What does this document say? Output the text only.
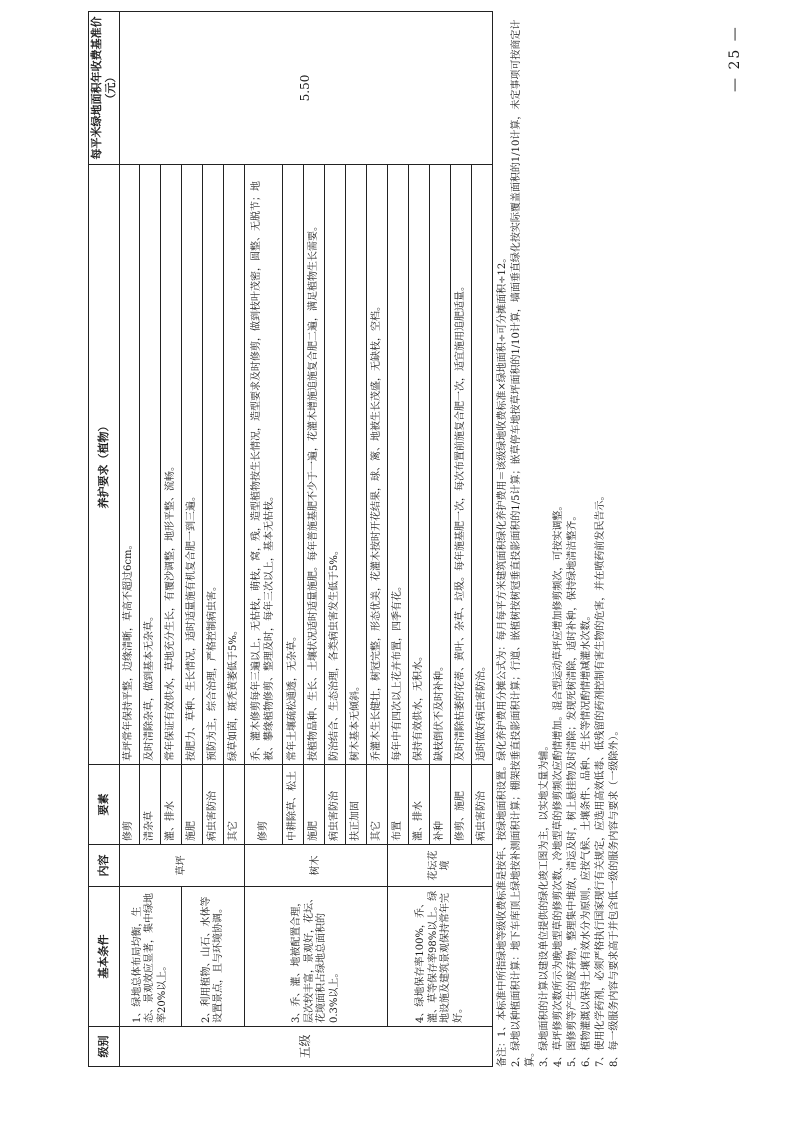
级别	基本条件	内容	要素	养护要求（植物）	每平米绿地面积年收费基准价（元）
五级	1、绿地总体布局均衡，生态、景观效应显著，集中绿地率20%以上。	草坪	修剪	草坪常年保持平整，边缘清晰，草高不超过6cm。	5.50
			清杂草	及时清除杂草，做到基本无杂草。	
			灌、排水	常年保证有效供水，草地充分生长，有覆沙调整，地形平整、流畅。	
	2、利用植物、山石、水体等设置景点，且与环境协调。		施肥	按肥力、草种、生长情况，适时适量施有机复合肥一到三遍。	
			病虫害防治	预防为主，综合治理，严格控制病虫害。	
			其它	绿草如茵，斑秃黄萎低于5%。	
	3、乔、灌、地被配置合理，层次较丰富，景观好，花坛、花境面积占绿地总面积的0.3%以上。	树木	修剪	乔、灌木修剪每年三遍以上，无枯枝，萌枝，窝，残，造型植物按生长情况，造型要求及时修剪，做到枝叶茂密，圆整、无脱节；地被、攀缘植物修剪、整理及时，每年三次以上，基本无枯枝。	
			中耕除草、松土	常年土壤疏松通透，无杂草。	
			施肥	按植物品种、生长、土壤状况适时适量施肥。每年普施基肥不少于一遍，花灌木增施追施复合肥二遍，满足植物生长需要。	
			病虫害防治	防治结合、生态治理，各类病虫害发生低于5%。	
			扶正加固	树木基本无倾斜。	
			其它	乔灌木生长健壮，树冠完整，形态优美，花灌木按时开花结果，球、篱、地被生长茂盛，无缺枝，空档。	
	4、绿地保存率100%，乔、灌、草等保存率98%以上。绿地设施及建筑景观保持常年完好。	花坛花境	布置	每年中有四次以上花卉布置，四季有花。	
			灌、排水	保持有效供水，无积水。	
			补种	缺枝倒伏不及时补种。	
			修剪、施肥	及时清除枯萎的花蒂、黄叶、杂草、垃圾。每年施基肥一次，每次布置前施复合肥一次，适宜施用追肥适量。	
			病虫害防治	适时做好病虫害防治。	

备注：1、本标准中所指绿地等级收费标准是按年、按绿地面积设置。绿化养护费用分摊公式为：每月每平方米建筑面积绿化养护费用＝该级绿地收费标准×绿地面积÷可分摊面积÷12。 2、绿地以种植面积计算：地下车库顶上绿地按补测面积计算；棚架按垂直投影面积计算；行道、嵌植树按树冠垂直投影面积的1/5计算；嵌草停车地按草坪面积的1/10计算，墙面垂直绿化按实际覆盖面积的1/10计算，未定事项可按商定计算。 3、绿地面积的计算以建设单位提供的绿化竣工图为主，以实地丈量为辅。 4、草坪修剪次数所示为晚地型草的修剪次数，冷地型草的修剪频次应酌情增加。混合型运动草坪应增加修剪频次，可按实调整。 5、图修剪等产生的废弃物，整理集中堆放，清运及时，树上悬挂物及时清除；发现死树清除，适时补种，保持绿地清洁整齐。 6、植物灌溉以保持土壤有效水分为原则，应按气候、土壤条件、品种、生长等情况酌情增减灌水次数。 7、使用化学药剂，必须严格执行国家现行有关规定，应选用高效低毒、低残留的药剂控制有害生物的危害，并在喷药前发民告示。 8、每一级服务内容与要求高于并包含低一级的服务内容与要求（一级除外）。

— 25 —
